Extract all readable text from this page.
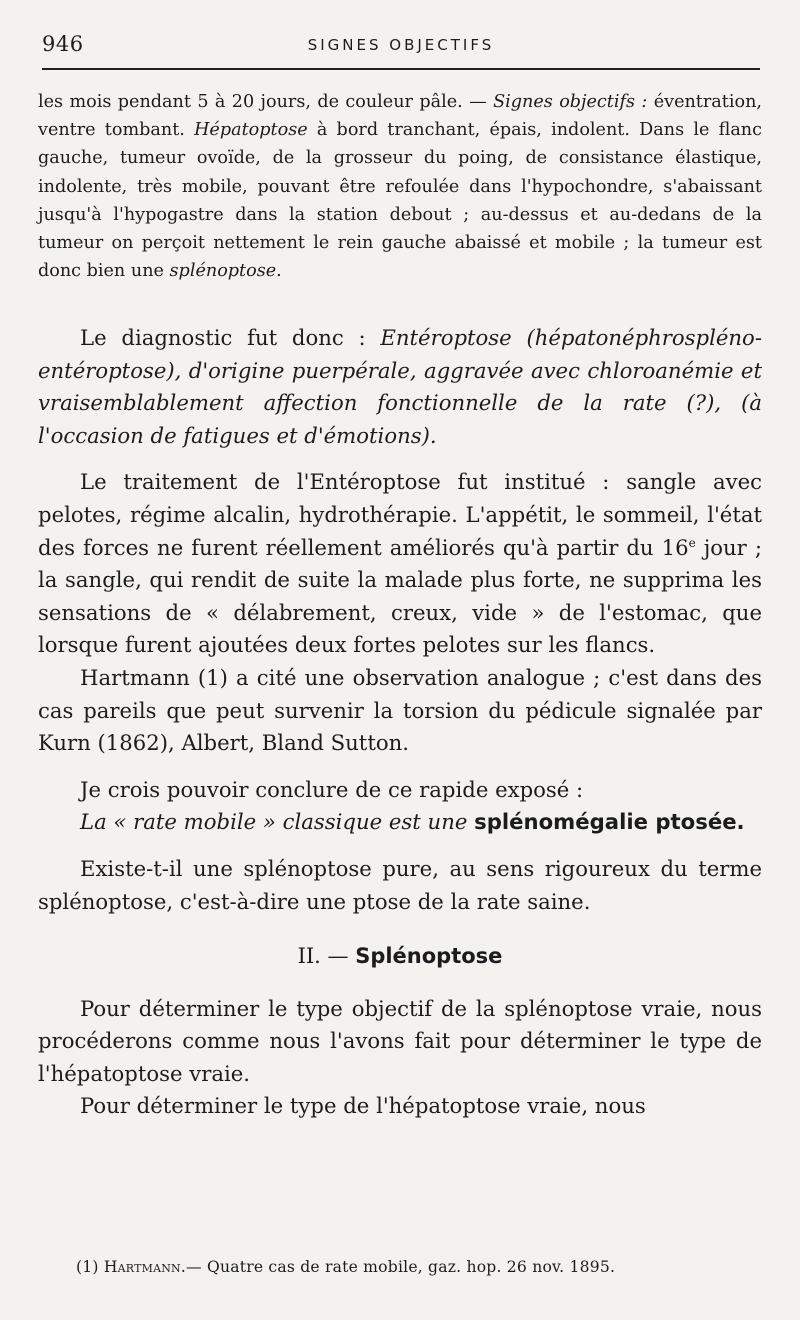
946	SIGNES OBJECTIFS

les mois pendant 5 à 20 jours, de couleur pâle. — Signes objectifs : éventration, ventre tombant. Hépatoptose à bord tranchant, épais, indolent. Dans le flanc gauche, tumeur ovoïde, de la grosseur du poing, de consistance élastique, indolente, très mobile, pouvant être refoulée dans l'hypochondre, s'abaissant jusqu'à l'hypogastre dans la station debout ; au-dessus et au-dedans de la tumeur on perçoit nettement le rein gauche abaissé et mobile ; la tumeur est donc bien une splénoptose.

Le diagnostic fut donc : Entéroptose (hépatonéphrospléno-entéroptose), d'origine puerpérale, aggravée avec chloroanémie et vraisemblablement affection fonctionnelle de la rate (?), (à l'occasion de fatigues et d'émotions).

Le traitement de l'Entéroptose fut institué : sangle avec pelotes, régime alcalin, hydrothérapie. L'appétit, le sommeil, l'état des forces ne furent réellement améliorés qu'à partir du 16e jour ; la sangle, qui rendit de suite la malade plus forte, ne supprima les sensations de « délabrement, creux, vide » de l'estomac, que lorsque furent ajoutées deux fortes pelotes sur les flancs.

Hartmann (1) a cité une observation analogue ; c'est dans des cas pareils que peut survenir la torsion du pédicule signalée par Kurn (1862), Albert, Bland Sutton.

Je crois pouvoir conclure de ce rapide exposé :

La « rate mobile » classique est une splénomégalie ptosée.

Existe-t-il une splénoptose pure, au sens rigoureux du terme splénoptose, c'est-à-dire une ptose de la rate saine.

II. — Splénoptose

Pour déterminer le type objectif de la splénoptose vraie, nous procéderons comme nous l'avons fait pour déterminer le type de l'hépatoptose vraie.

Pour déterminer le type de l'hépatoptose vraie, nous

(1) Hartmann.— Quatre cas de rate mobile, gaz. hop. 26 nov. 1895.
